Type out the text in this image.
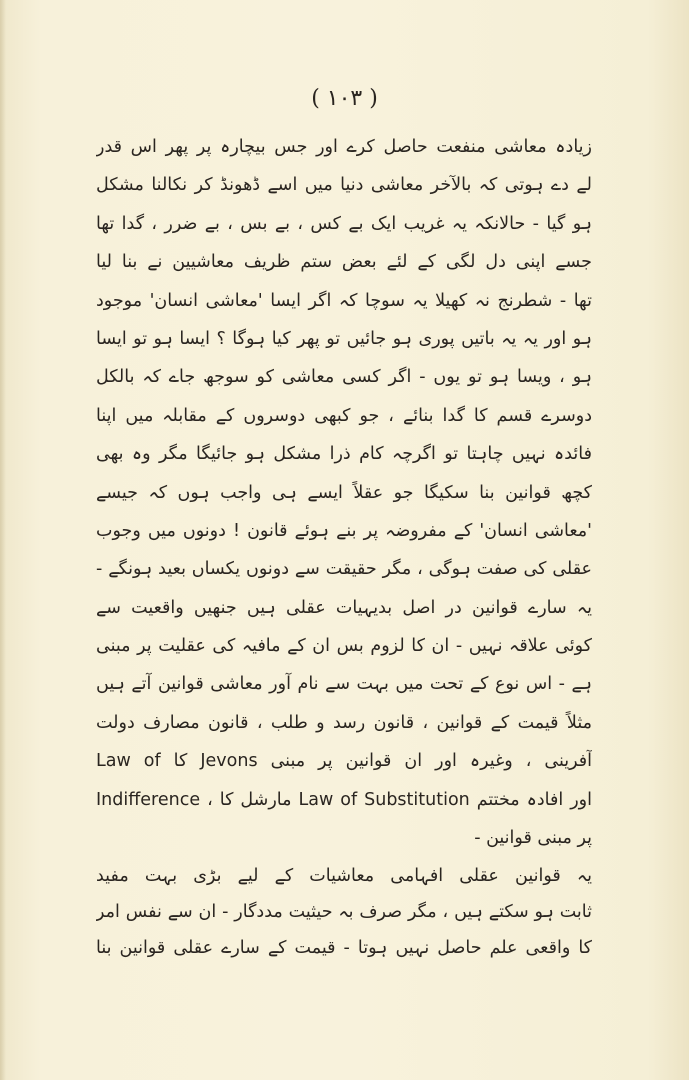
( ۱۰۳ )
زیادہ معاشی منفعت حاصل کرے اور جس بیچارہ پر پھر اس قدر
لے دے ہوتی کہ بالآخر معاشی دنیا میں اسے ڈھونڈ کر نکالنا مشکل
ہو گیا - حالانکہ یہ غریب ایک بے کس ، بے بس ، بے ضرر ، گدا تھا
جسے اپنی دل لگی کے لئے بعض ستم ظریف معاشیین نے بنا لیا
تھا - شطرنج نہ کھیلا یہ سوچا کہ اگر ایسا 'معاشی انسان' موجود
ہو اور یہ یہ باتیں پوری ہو جائیں تو پھر کیا ہوگا ؟ ایسا ہو تو ایسا
ہو ، ویسا ہو تو یوں - اگر کسی معاشی کو سوجھ جاے کہ بالکل
دوسرے قسم کا گدا بنائے ، جو کبھی دوسروں کے مقابلہ میں اپنا
فائدہ نہیں چاہتا تو اگرچہ کام ذرا مشکل ہو جائیگا مگر وہ بھی
کچھ قوانین بنا سکیگا جو عقلاً ایسے ہی واجب ہوں کہ جیسے
'معاشی انسان' کے مفروضہ پر بنے ہوئے قانون ! دونوں میں وجوب
عقلی کی صفت ہوگی ، مگر حقیقت سے دونوں یکساں بعید ہونگے -
یہ سارے قوانین در اصل بدیہیات عقلی ہیں جنھیں واقعیت سے
کوئی علاقہ نہیں - ان کا لزوم بس ان کے مافیہ کی عقلیت پر مبنی
ہے - اس نوع کے تحت میں بہت سے نام آور معاشی قوانین آتے ہیں
مثلاً قیمت کے قوانین ، قانون رسد و طلب ، قانون مصارف دولت
آفرینی ، وغیرہ اور ان قوانین پر مبنی Jevons کا Law of
Indifference ، مارشل کا Law of Substitution اور افادہ مختتم
پر مبنی قوانین -
یہ قوانین عقلی افہامی معاشیات کے لیے بڑی بہت مفید
ثابت ہو سکتے ہیں ، مگر صرف بہ حیثیت مددگار - ان سے نفس امر
کا واقعی علم حاصل نہیں ہوتا - قیمت کے سارے عقلی قوانین بنا
